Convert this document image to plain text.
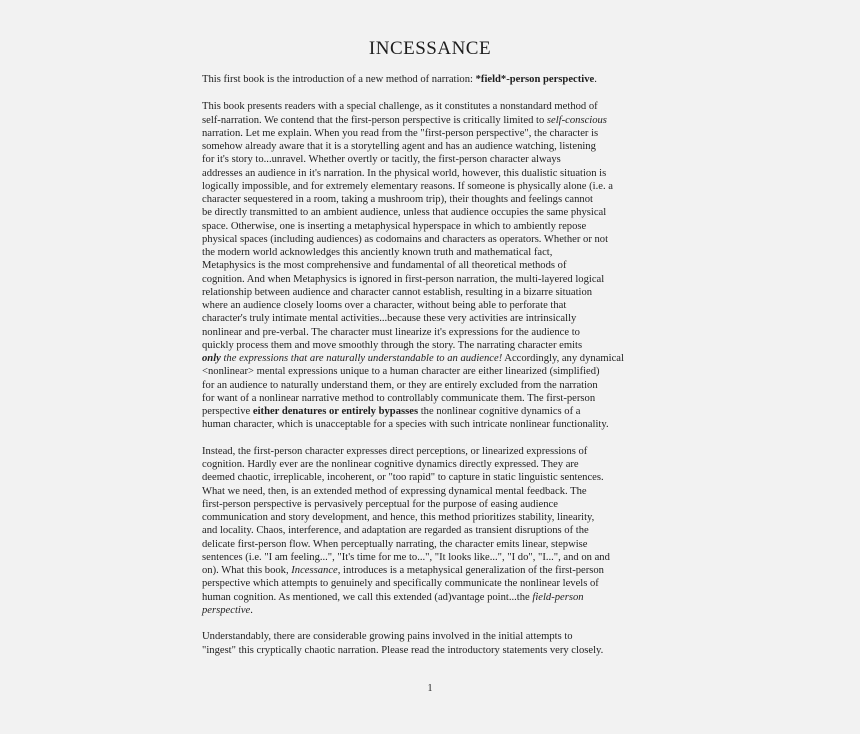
INCESSANCE

This first book is the introduction of a new method of narration: *field*-person perspective.

This book presents readers with a special challenge, as it constitutes a nonstandard method of
self-narration. We contend that the first-person perspective is critically limited to self-conscious
narration. Let me explain. When you read from the "first-person perspective", the character is
somehow already aware that it is a storytelling agent and has an audience watching, listening
for it's story to...unravel. Whether overtly or tacitly, the first-person character always
addresses an audience in it's narration. In the physical world, however, this dualistic situation is
logically impossible, and for extremely elementary reasons. If someone is physically alone (i.e. a
character sequestered in a room, taking a mushroom trip), their thoughts and feelings cannot
be directly transmitted to an ambient audience, unless that audience occupies the same physical
space. Otherwise, one is inserting a metaphysical hyperspace in which to ambiently repose
physical spaces (including audiences) as codomains and characters as operators. Whether or not
the modern world acknowledges this anciently known truth and mathematical fact,
Metaphysics is the most comprehensive and fundamental of all theoretical methods of
cognition. And when Metaphysics is ignored in first-person narration, the multi-layered logical
relationship between audience and character cannot establish, resulting in a bizarre situation
where an audience closely looms over a character, without being able to perforate that
character's truly intimate mental activities...because these very activities are intrinsically
nonlinear and pre-verbal. The character must linearize it's expressions for the audience to
quickly process them and move smoothly through the story. The narrating character emits
only the expressions that are naturally understandable to an audience! Accordingly, any dynamical
<nonlinear> mental expressions unique to a human character are either linearized (simplified)
for an audience to naturally understand them, or they are entirely excluded from the narration
for want of a nonlinear narrative method to controllably communicate them. The first-person
perspective either denatures or entirely bypasses the nonlinear cognitive dynamics of a
human character, which is unacceptable for a species with such intricate nonlinear functionality.

Instead, the first-person character expresses direct perceptions, or linearized expressions of
cognition. Hardly ever are the nonlinear cognitive dynamics directly expressed. They are
deemed chaotic, irreplicable, incoherent, or "too rapid" to capture in static linguistic sentences.
What we need, then, is an extended method of expressing dynamical mental feedback. The
first-person perspective is pervasively perceptual for the purpose of easing audience
communication and story development, and hence, this method prioritizes stability, linearity,
and locality. Chaos, interference, and adaptation are regarded as transient disruptions of the
delicate first-person flow. When perceptually narrating, the character emits linear, stepwise
sentences (i.e. "I am feeling...", "It's time for me to...", "It looks like...", "I do", "I...", and on and
on). What this book, Incessance, introduces is a metaphysical generalization of the first-person
perspective which attempts to genuinely and specifically communicate the nonlinear levels of
human cognition. As mentioned, we call this extended (ad)vantage point...the field-person
perspective.

Understandably, there are considerable growing pains involved in the initial attempts to
"ingest" this cryptically chaotic narration. Please read the introductory statements very closely.

1
